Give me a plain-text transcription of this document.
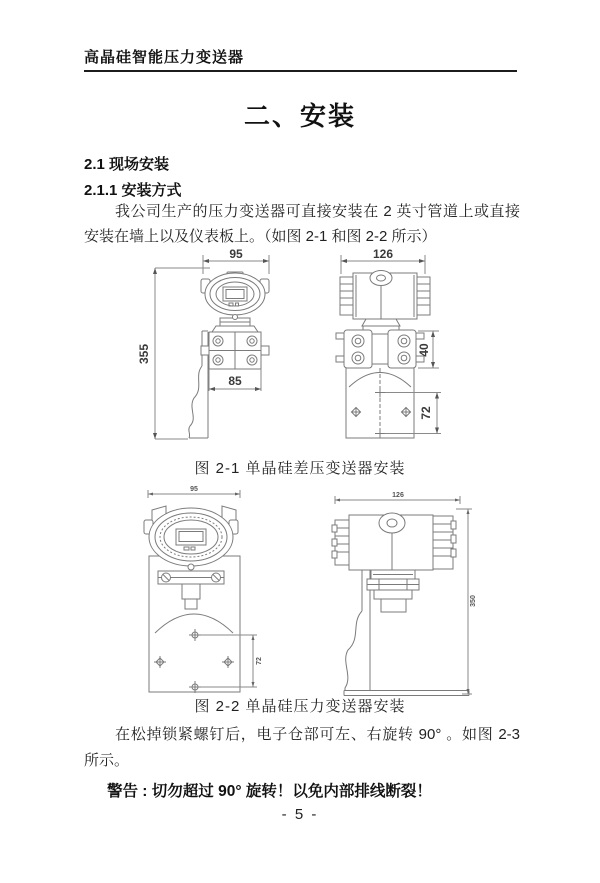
高晶硅智能压力变送器
二、安装
2.1 现场安装
2.1.1 安装方式
我公司生产的压力变送器可直接安装在 2 英寸管道上或直接安装在墙上以及仪表板上。（如图 2-1 和图 2-2 所示）
95
355
85
126
40
72
图 2-1 单晶硅差压变送器安装
95
72
126
350
图 2-2 单晶硅压力变送器安装
在松掉锁紧螺钉后，电子仓部可左、右旋转 90° 。如图 2-3 所示。
警告 : 切勿超过 90° 旋转！以免内部排线断裂！
- 5 -
